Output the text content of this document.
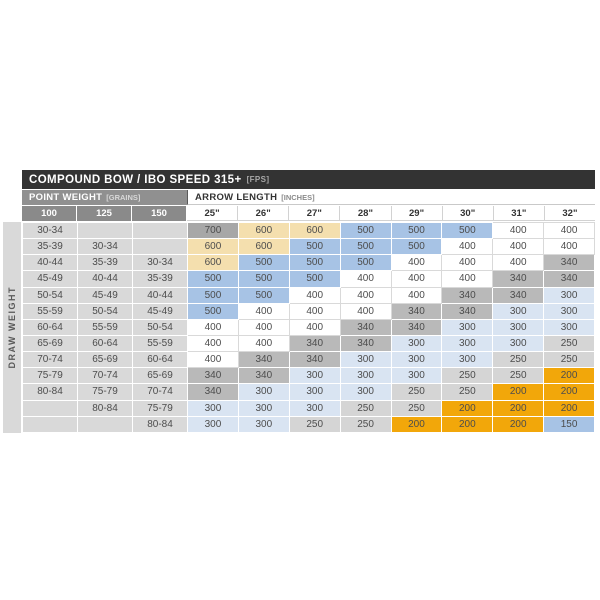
DRAW WEIGHT
COMPOUND BOW / IBO SPEED 315+ [FPS]
POINT WEIGHT [GRAINS]	ARROW LENGTH [INCHES]
100	125	150	25"	26"	27"	28"	29"	30"	31"	32"
30-34			700	600	600	500	500	500	400	400
35-39	30-34		600	600	500	500	500	400	400	400
40-44	35-39	30-34	600	500	500	500	400	400	400	340
45-49	40-44	35-39	500	500	500	400	400	400	340	340
50-54	45-49	40-44	500	500	400	400	400	340	340	300
55-59	50-54	45-49	500	400	400	400	340	340	300	300
60-64	55-59	50-54	400	400	400	340	340	300	300	300
65-69	60-64	55-59	400	400	340	340	300	300	300	250
70-74	65-69	60-64	400	340	340	300	300	300	250	250
75-79	70-74	65-69	340	340	300	300	300	250	250	200
80-84	75-79	70-74	340	300	300	300	250	250	200	200
	80-84	75-79	300	300	300	250	250	200	200	200
		80-84	300	300	250	250	200	200	200	150
